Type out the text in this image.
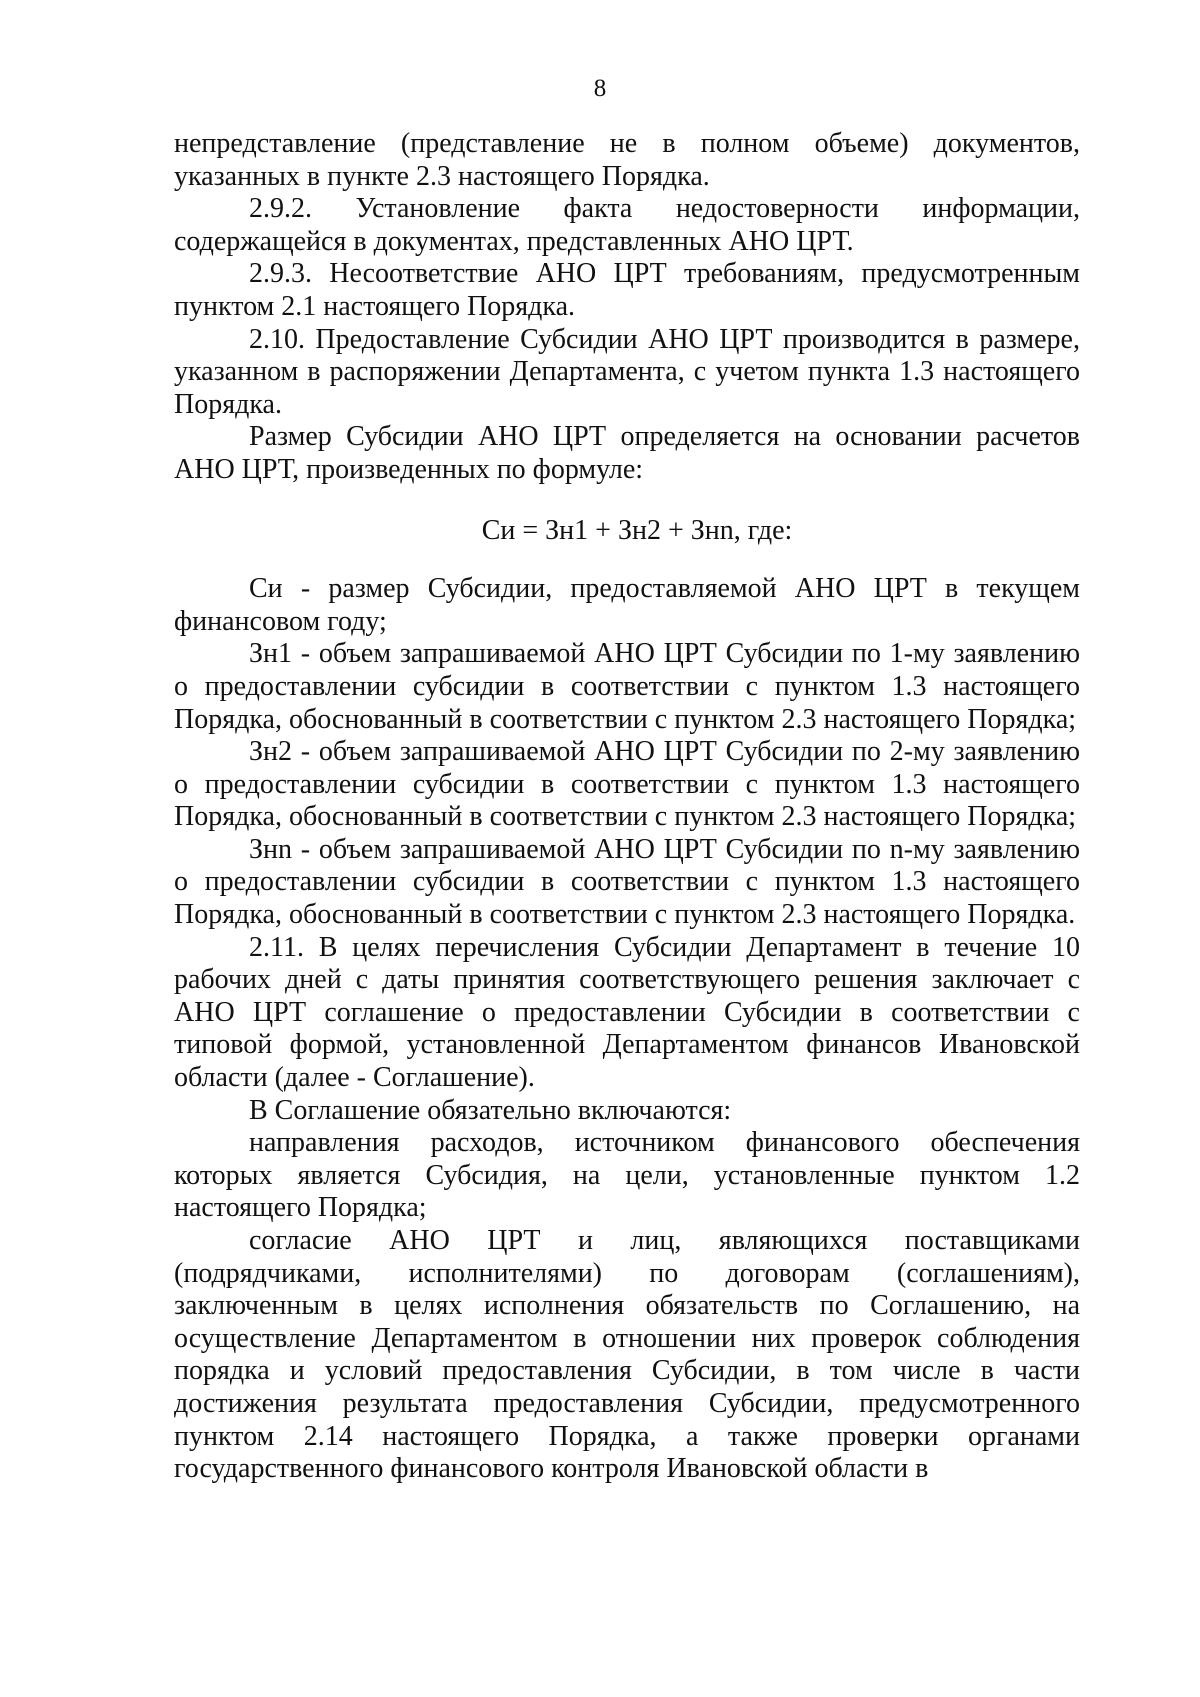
8

непредставление (представление не в полном объеме) документов, указанных в пункте 2.3 настоящего Порядка.

2.9.2. Установление факта недостоверности информации, содержащейся в документах, представленных АНО ЦРТ.

2.9.3. Несоответствие АНО ЦРТ требованиям, предусмотренным пунктом 2.1 настоящего Порядка.

2.10. Предоставление Субсидии АНО ЦРТ производится в размере, указанном в распоряжении Департамента, с учетом пункта 1.3 настоящего Порядка.

Размер Субсидии АНО ЦРТ определяется на основании расчетов АНО ЦРТ, произведенных по формуле:

Си = Зн1 + Зн2 + Знn, где:

Си - размер Субсидии, предоставляемой АНО ЦРТ в текущем финансовом году;

Зн1 - объем запрашиваемой АНО ЦРТ Субсидии по 1-му заявлению о предоставлении субсидии в соответствии с пунктом 1.3 настоящего Порядка, обоснованный в соответствии с пунктом 2.3 настоящего Порядка;

Зн2 - объем запрашиваемой АНО ЦРТ Субсидии по 2-му заявлению о предоставлении субсидии в соответствии с пунктом 1.3 настоящего Порядка, обоснованный в соответствии с пунктом 2.3 настоящего Порядка;

Знn - объем запрашиваемой АНО ЦРТ Субсидии по n-му заявлению о предоставлении субсидии в соответствии с пунктом 1.3 настоящего Порядка, обоснованный в соответствии с пунктом 2.3 настоящего Порядка.

2.11. В целях перечисления Субсидии Департамент в течение 10 рабочих дней с даты принятия соответствующего решения заключает с АНО ЦРТ соглашение о предоставлении Субсидии в соответствии с типовой формой, установленной Департаментом финансов Ивановской области (далее - Соглашение).

В Соглашение обязательно включаются:

направления расходов, источником финансового обеспечения которых является Субсидия, на цели, установленные пунктом 1.2 настоящего Порядка;

согласие АНО ЦРТ и лиц, являющихся поставщиками (подрядчиками, исполнителями) по договорам (соглашениям), заключенным в целях исполнения обязательств по Соглашению, на осуществление Департаментом в отношении них проверок соблюдения порядка и условий предоставления Субсидии, в том числе в части достижения результата предоставления Субсидии, предусмотренного пунктом 2.14 настоящего Порядка, а также проверки органами государственного финансового контроля Ивановской области в
